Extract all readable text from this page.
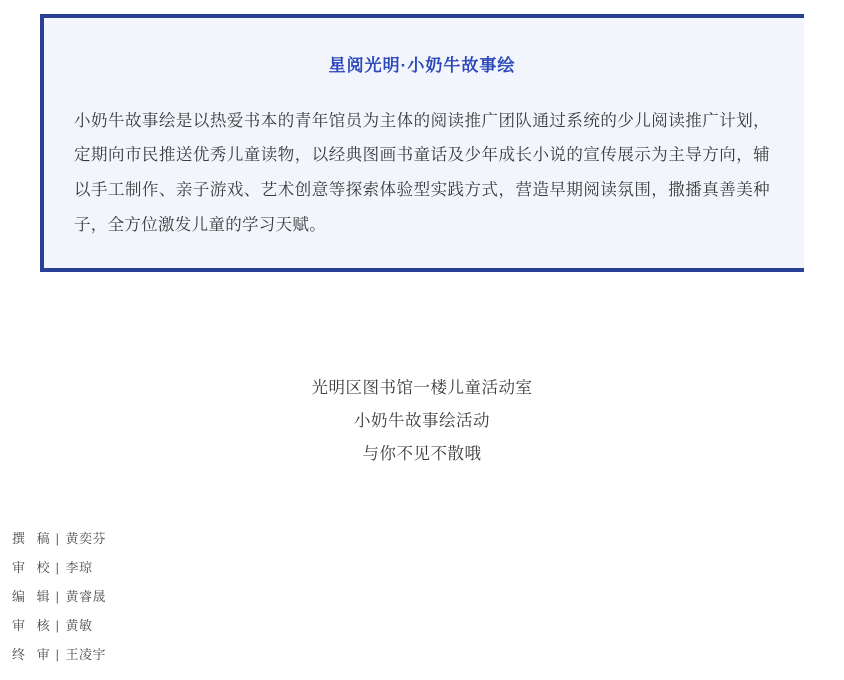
星阅光明·小奶牛故事绘

小奶牛故事绘是以热爱书本的青年馆员为主体的阅读推广团队通过系统的少儿阅读推广计划，定期向市民推送优秀儿童读物，以经典图画书童话及少年成长小说的宣传展示为主导方向，辅以手工制作、亲子游戏、艺术创意等探索体验型实践方式，营造早期阅读氛围，撒播真善美种子，全方位激发儿童的学习天赋。

光明区图书馆一楼儿童活动室
小奶牛故事绘活动
与你不见不散哦
撰 稿 | 黄奕芬
审 校 | 李琼
编 辑 | 黄睿晟
审 核 | 黄敏
终 审 | 王凌宇
